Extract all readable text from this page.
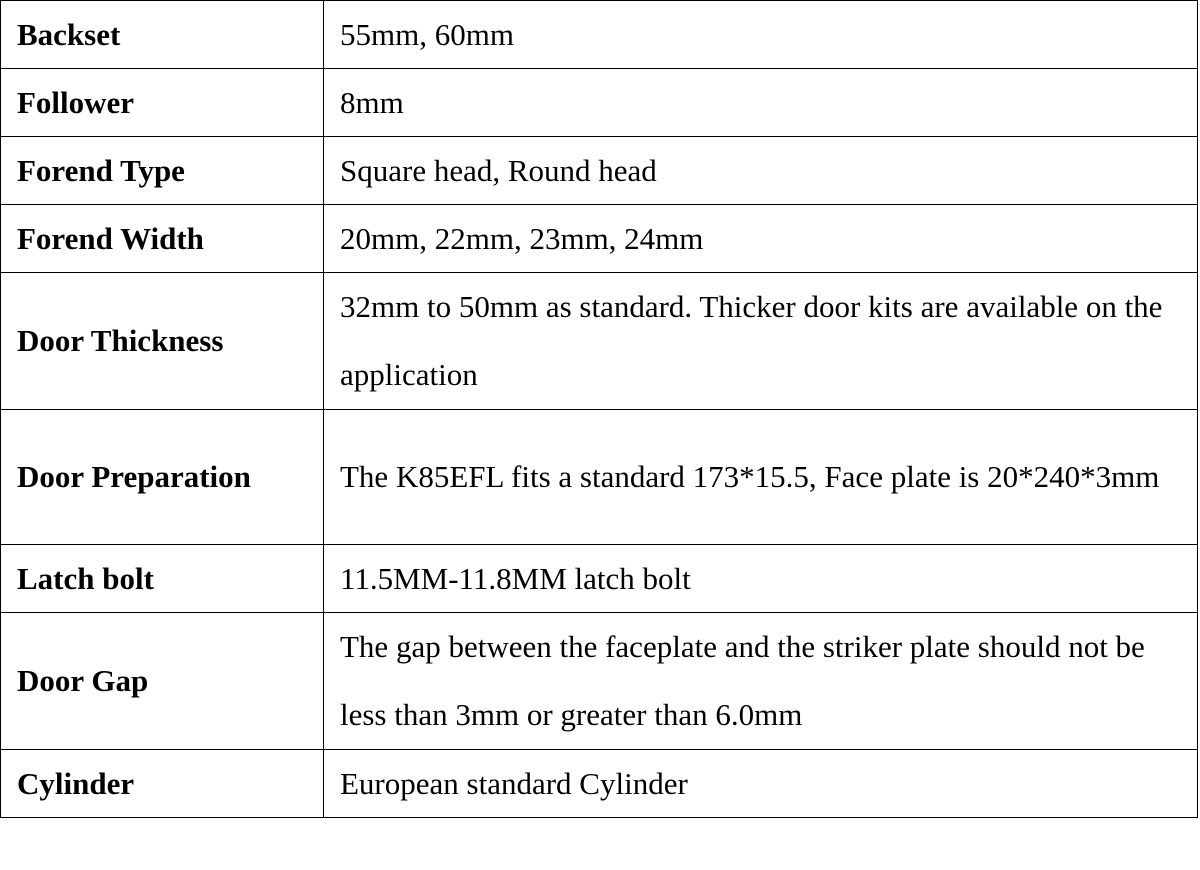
Backset	55mm, 60mm
Follower	8mm
Forend Type	Square head, Round head
Forend Width	20mm, 22mm, 23mm, 24mm
Door Thickness	32mm to 50mm as standard. Thicker door kits are available on the application
Door Preparation	The K85EFL fits a standard 173*15.5, Face plate is 20*240*3mm
Latch bolt	11.5MM-11.8MM latch bolt
Door Gap	The gap between the faceplate and the striker plate should not be less than 3mm or greater than 6.0mm
Cylinder	European standard Cylinder
